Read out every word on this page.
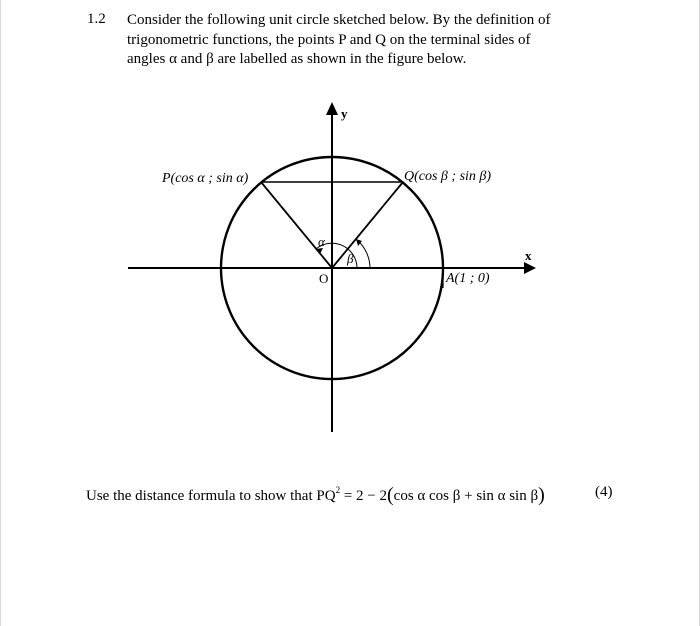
1.2 Consider the following unit circle sketched below. By the definition of
trigonometric functions, the points P and Q on the terminal sides of
angles α and β are labelled as shown in the figure below.
y
x
O
P(cos α ; sin α)	Q(cos β ; sin β)
A(1 ; 0)
α
β
Use the distance formula to show that $PQ^2 = 2 - 2(\cos$ α cos β + sin α sin β)	(4)
